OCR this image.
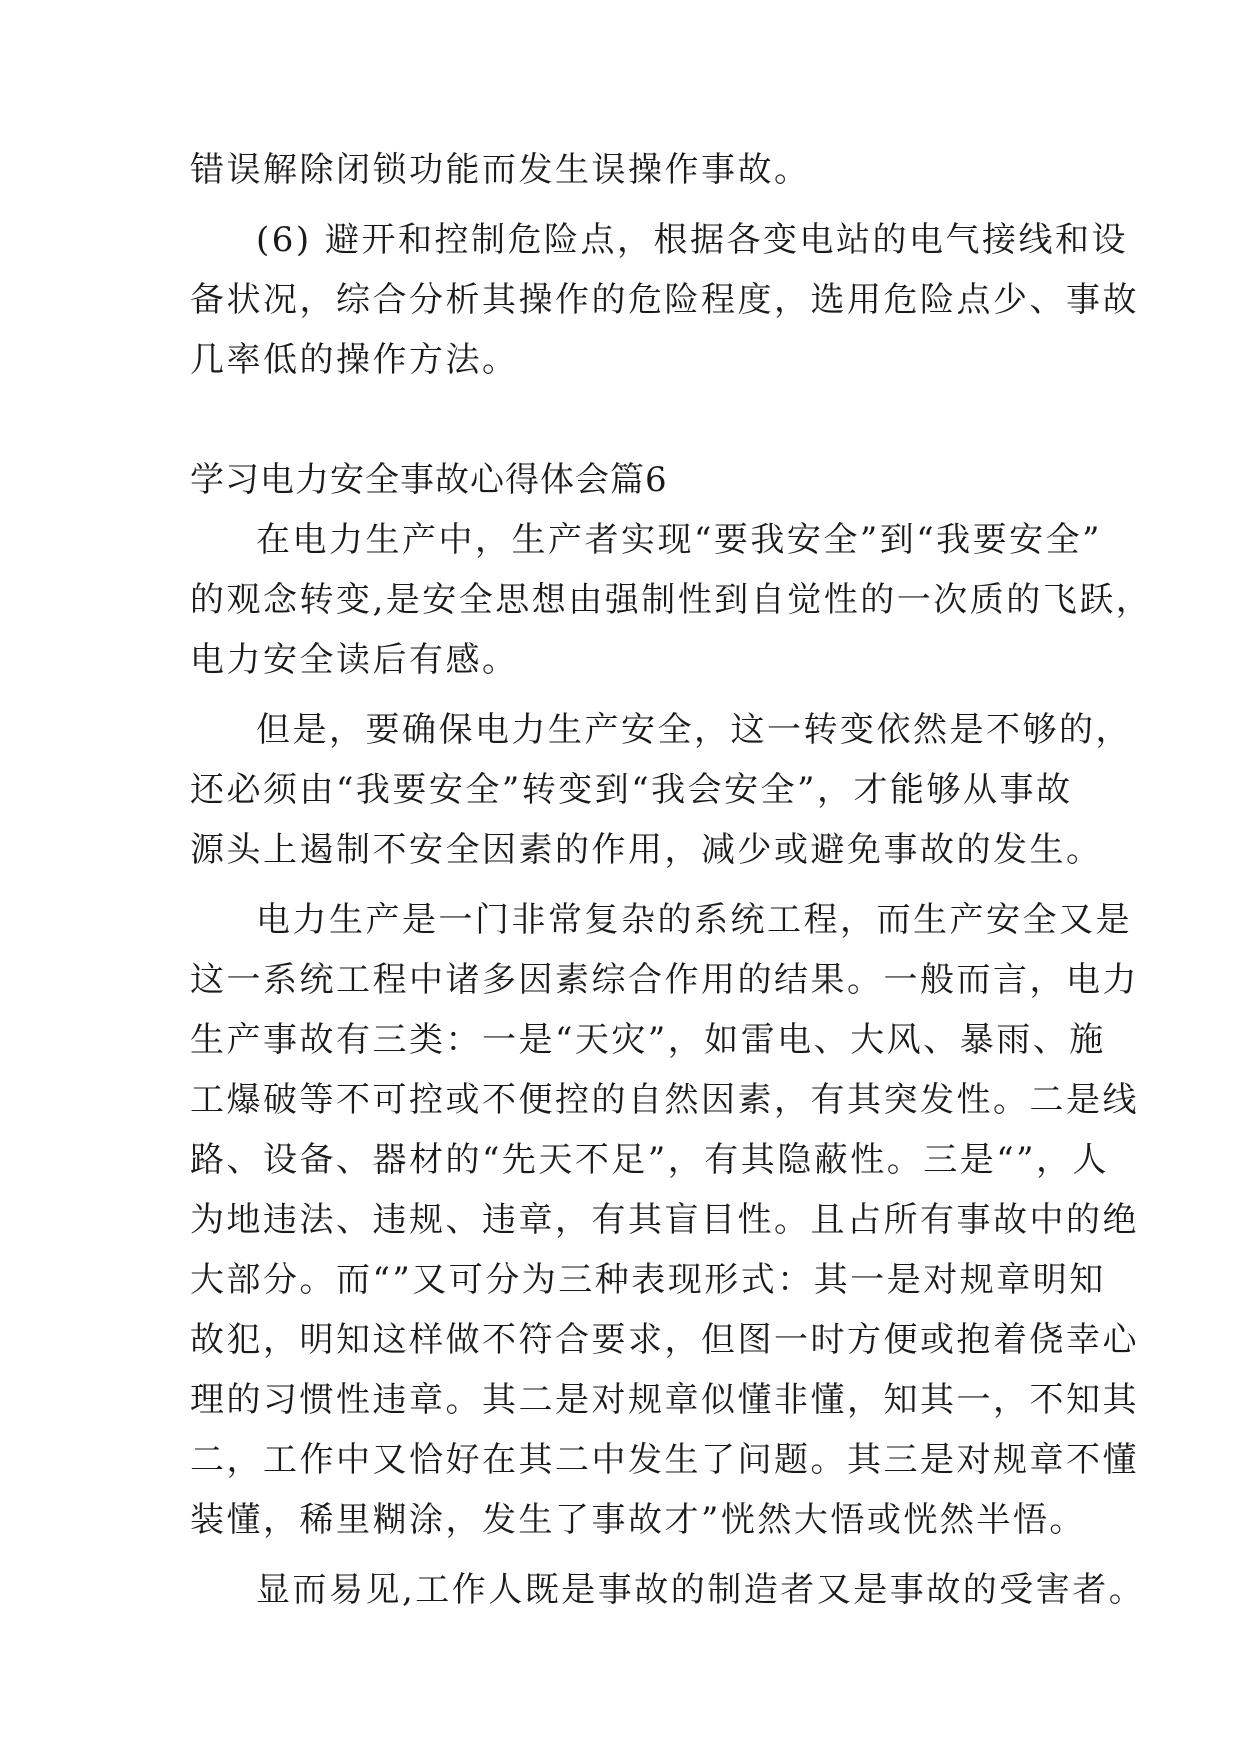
错误解除闭锁功能而发生误操作事故。
(6) 避开和控制危险点，根据各变电站的电气接线和设
备状况，综合分析其操作的危险程度，选用危险点少、事故
几率低的操作方法。
学习电力安全事故心得体会篇6
在电力生产中，生产者实现“要我安全”到“我要安全”
的观念转变,是安全思想由强制性到自觉性的一次质的飞跃，
电力安全读后有感。
但是，要确保电力生产安全，这一转变依然是不够的，
还必须由“我要安全”转变到“我会安全”，才能够从事故
源头上遏制不安全因素的作用，减少或避免事故的发生。
电力生产是一门非常复杂的系统工程，而生产安全又是
这一系统工程中诸多因素综合作用的结果。一般而言，电力
生产事故有三类：一是“天灾”，如雷电、大风、暴雨、施
工爆破等不可控或不便控的自然因素，有其突发性。二是线
路、设备、器材的“先天不足”，有其隐蔽性。三是“”，人
为地违法、违规、违章，有其盲目性。且占所有事故中的绝
大部分。而“”又可分为三种表现形式：其一是对规章明知
故犯，明知这样做不符合要求，但图一时方便或抱着侥幸心
理的习惯性违章。其二是对规章似懂非懂，知其一，不知其
二，工作中又恰好在其二中发生了问题。其三是对规章不懂
装懂，稀里糊涂，发生了事故才”恍然大悟或恍然半悟。
显而易见,工作人既是事故的制造者又是事故的受害者。
